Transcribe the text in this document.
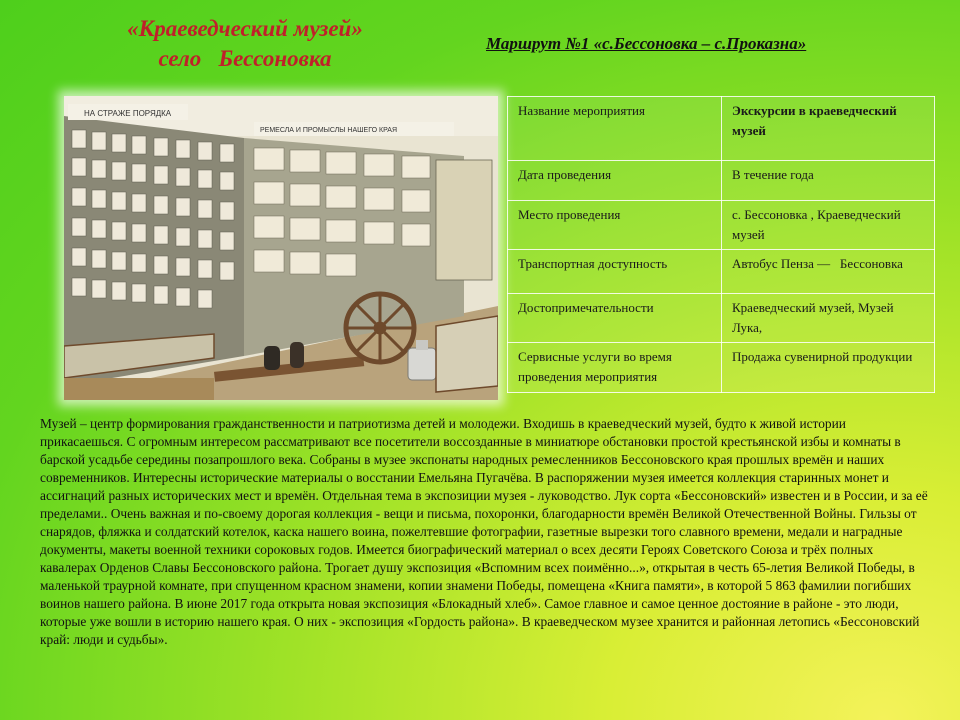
«Краеведческий музей»
село   Бессоновка
Маршрут №1 «с.Бессоновка – с.Проказна»
НА СТРАЖЕ ПОРЯДКА
РЕМЕСЛА И ПРОМЫСЛЫ НАШЕГО КРАЯ
Название мероприятия	Экскурсии в краеведческий музей
Дата проведения	В течение года
Место проведения	с. Бессоновка , Краеведческий музей
Транспортная доступность	Автобус Пенза —   Бессоновка
Достопримечательности	Краеведческий музей, Музей Лука,
Сервисные услуги во время проведения мероприятия	Продажа сувенирной продукции
Музей – центр формирования гражданственности и патриотизма детей и молодежи. Входишь в краеведческий музей, будто к живой истории прикасаешься. С огромным интересом рассматривают все посетители воссозданные в миниатюре обстановки простой крестьянской избы и комнаты в барской усадьбе середины позапрошлого века. Собраны в музее экспонаты народных ремесленников Бессоновского края прошлых времён и наших современников. Интересны исторические материалы о восстании Емельяна Пугачёва. В распоряжении музея имеется коллекция старинных монет и ассигнаций разных исторических мест и времён. Отдельная тема в экспозиции музея - луководство. Лук сорта «Бессоновский» известен и в России, и за её пределами.. Очень важная и по-своему дорогая коллекция - вещи и письма, похоронки, благодарности времён Великой Отечественной Войны. Гильзы от снарядов, фляжка и солдатский котелок, каска нашего воина, пожелтевшие фотографии, газетные вырезки того славного времени, медали и наградные документы, макеты военной техники сороковых годов. Имеется биографический материал о всех десяти Героях Советского Союза и трёх полных кавалерах Орденов Славы Бессоновского района. Трогает душу экспозиция «Вспомним всех поимённо...», открытая в честь 65-летия Великой Победы, в маленькой траурной комнате, при спущенном красном знамени, копии знамени Победы, помещена «Книга памяти», в которой 5 863 фамилии погибших воинов нашего района. В июне 2017 года открыта новая экспозиция «Блокадный хлеб». Самое главное и самое ценное достояние в районе - это люди, которые уже вошли в историю нашего края. О них - экспозиция «Гордость района». В краеведческом музее хранится и районная летопись «Бессоновский край: люди и судьбы».
